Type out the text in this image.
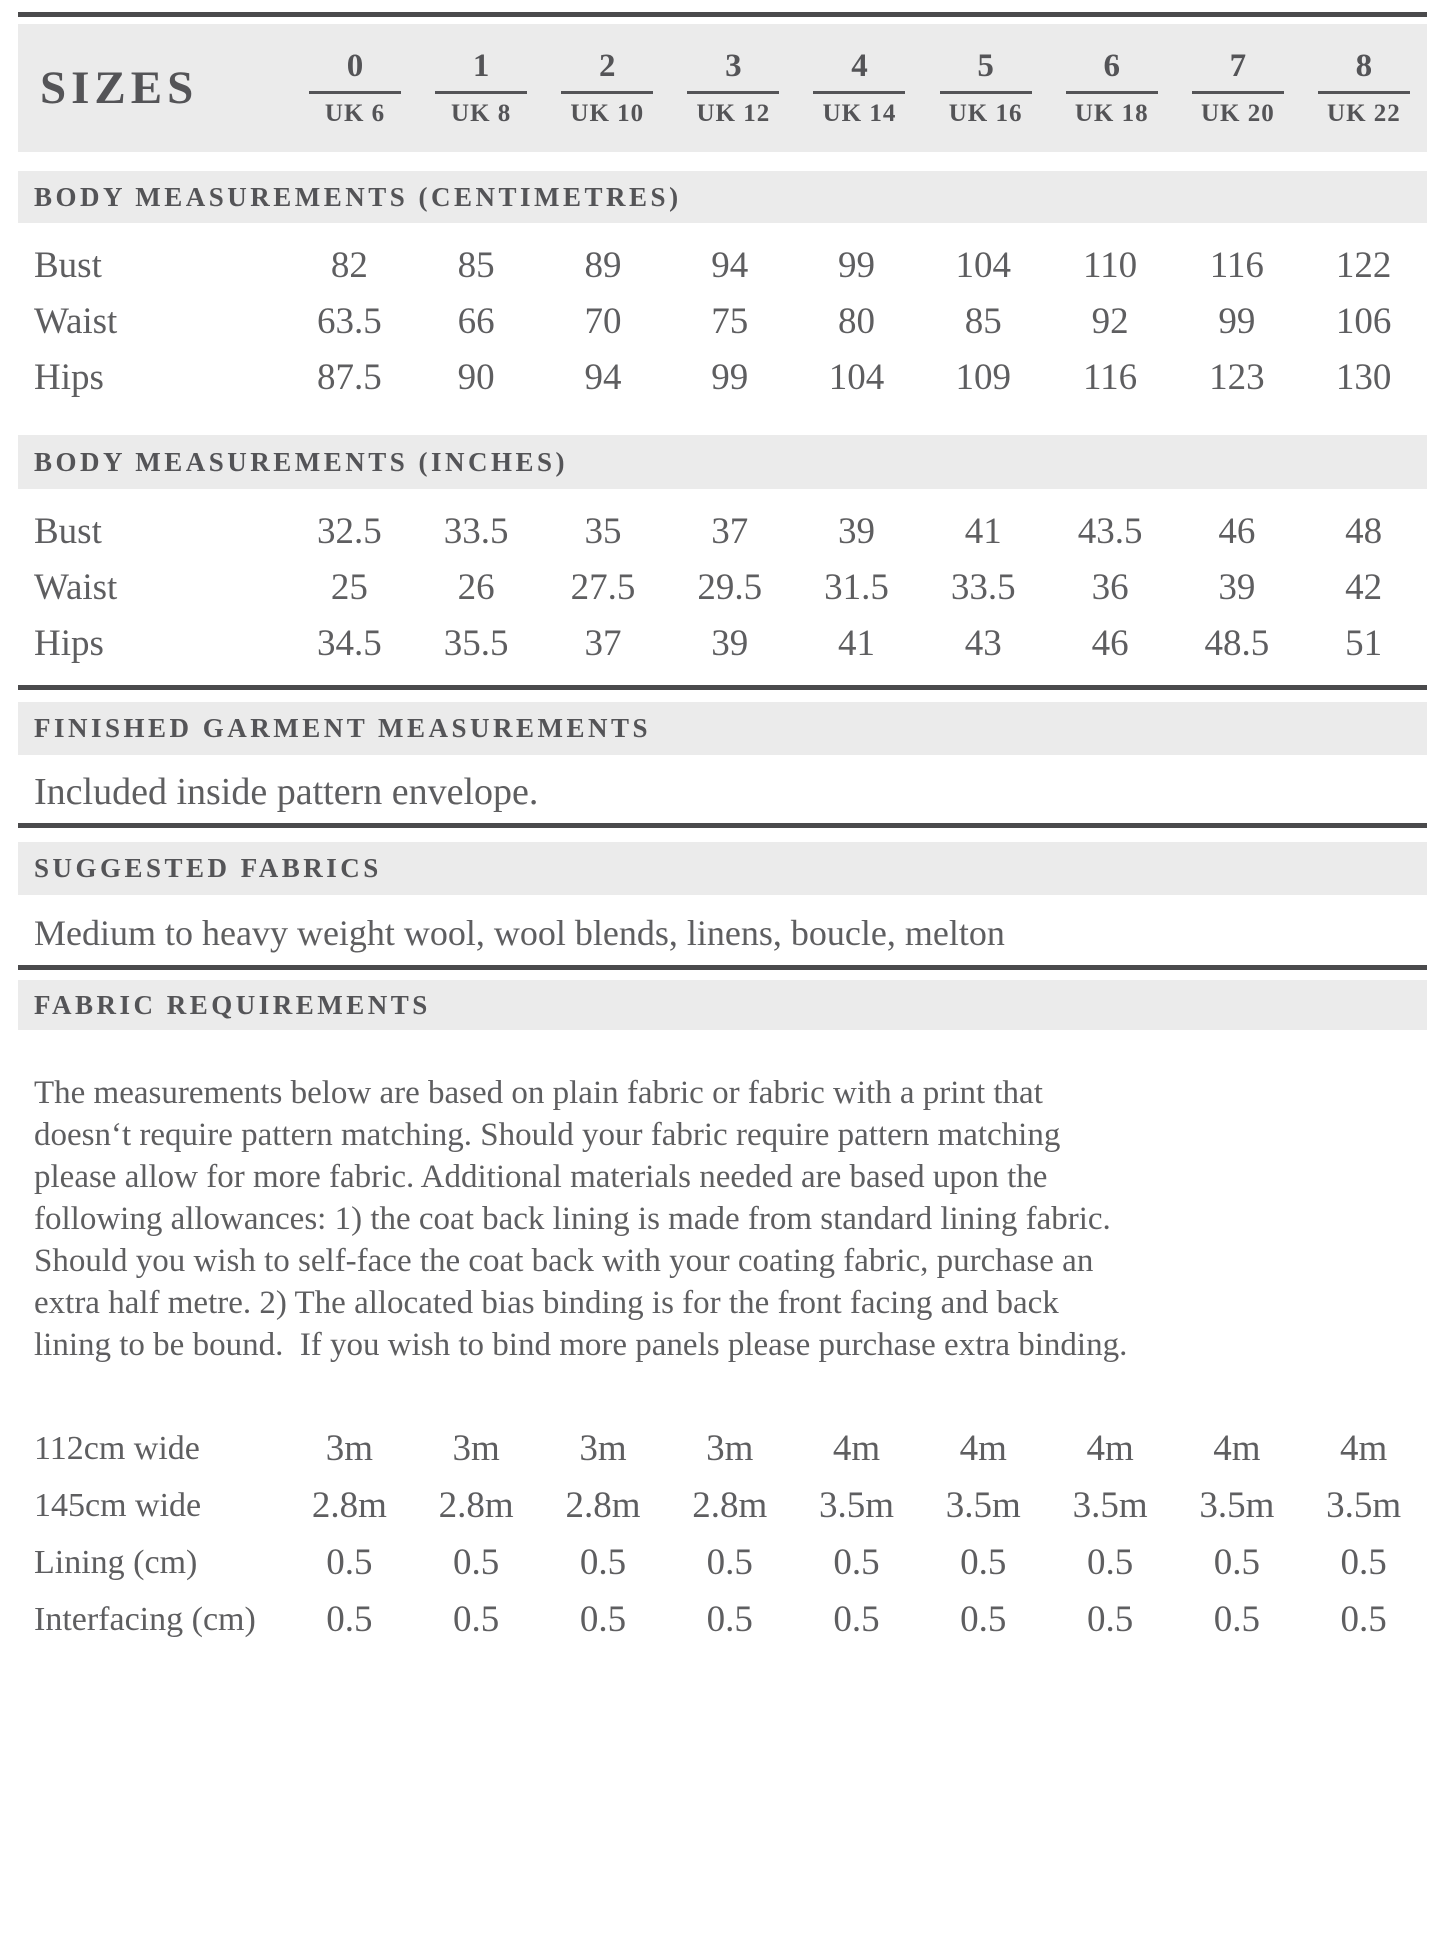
SIZES	$\frac{0}{UK 6} \frac{1}{UK 8} \frac{2}{UK 10} \frac{3}{UK 12} \frac{4}{UK 14} \frac{5}{UK 16} \frac{6}{UK 18} \frac{7}{UK 20} \frac{8}{UK 22}$
BODY MEASUREMENTS (CENTIMETRES)
Bust	82	85	89	94	99	104	110	116	122
Waist	63.5	66	70	75	80	85	92	99	106
Hips	87.5	90	94	99	104	109	116	123	130
BODY MEASUREMENTS (INCHES)
Bust	32.5	33.5	35	37	39	41	43.5	46	48
Waist	25	26	27.5	29.5	31.5	33.5	36	39	42
Hips	34.5	35.5	37	39	41	43	46	48.5	51
FINISHED GARMENT MEASUREMENTS
Included inside pattern envelope.
SUGGESTED FABRICS
Medium to heavy weight wool, wool blends, linens, boucle, melton
FABRIC REQUIREMENTS
The measurements below are based on plain fabric or fabric with a print that
doesn‘t require pattern matching. Should your fabric require pattern matching
please allow for more fabric. Additional materials needed are based upon the
following allowances: 1) the coat back lining is made from standard lining fabric.
Should you wish to self-face the coat back with your coating fabric, purchase an
extra half metre. 2) The allocated bias binding is for the front facing and back
lining to be bound.  If you wish to bind more panels please purchase extra binding.
112cm wide	3m	3m	3m	3m	4m	4m	4m	4m	4m
145cm wide	2.8m	2.8m	2.8m	2.8m	3.5m	3.5m	3.5m	3.5m	3.5m
Lining (cm)	0.5	0.5	0.5	0.5	0.5	0.5	0.5	0.5	0.5
Interfacing (cm)	0.5	0.5	0.5	0.5	0.5	0.5	0.5	0.5	0.5
